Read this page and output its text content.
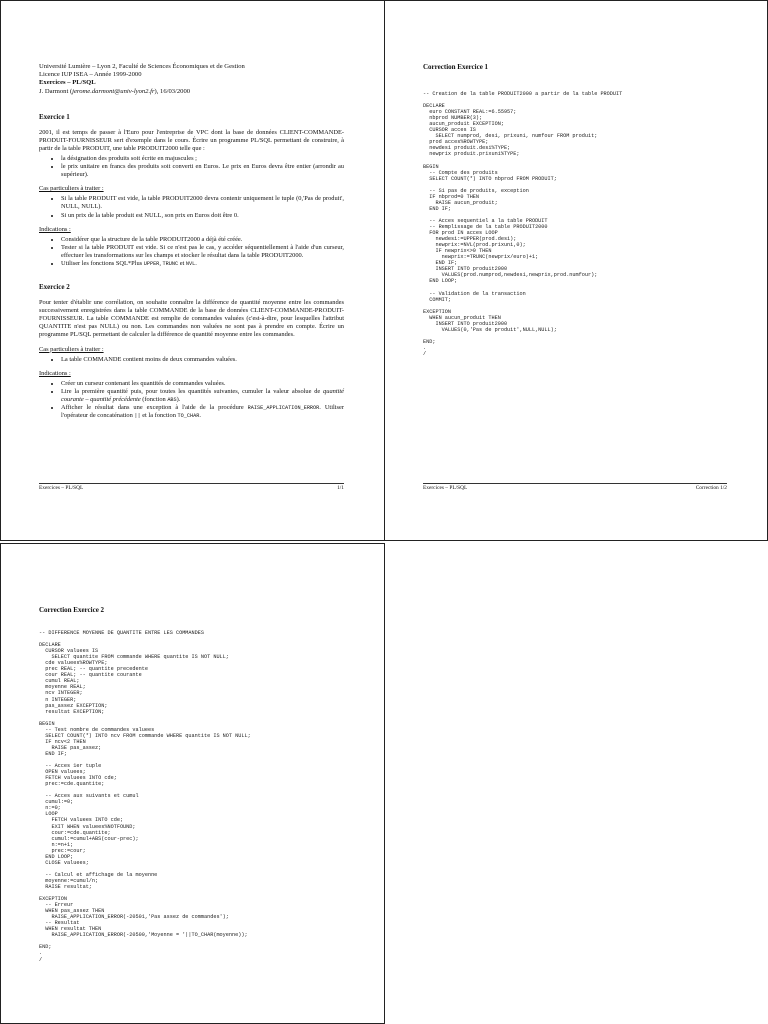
Université Lumière – Lyon 2, Faculté de Sciences Économiques et de Gestion
Licence IUP ISEA – Année 1999-2000
Exercices – PL/SQL
J. Darmont (jerome.darmont@univ-lyon2.fr), 16/03/2000
Exercice 1

2001, il est temps de passer à l'Euro pour l'entreprise de VPC dont la base de données CLIENT-COMMANDE-PRODUIT-FOURNISSEUR sert d'exemple dans le cours. Écrire un programme PL/SQL permettant de construire, à partir de la table PRODUIT, une table PRODUIT2000 telle que :

• la désignation des produits soit écrite en majuscules ;
• le prix unitaire en francs des produits soit converti en Euros. Le prix en Euros devra être entier (arrondir au supérieur).
Cas particuliers à traiter :
• Si la table PRODUIT est vide, la table PRODUIT2000 devra contenir uniquement le tuple (0,'Pas de produit', NULL, NULL).
• Si un prix de la table produit est NULL, son prix en Euros doit être 0.
Indications :
• Considérer que la structure de la table PRODUIT2000 a déjà été créée.
• Tester si la table PRODUIT est vide. Si ce n'est pas le cas, y accéder séquentiellement à l'aide d'un curseur, effectuer les transformations sur les champs et stocker le résultat dans la table PRODUIT2000.
• Utiliser les fonctions SQL*Plus UPPER, TRUNC et NVL.
Exercice 2

Pour tenter d'établir une corrélation, on souhaite connaître la différence de quantité moyenne entre les commandes successivement enregistrées dans la table COMMANDE de la base de données CLIENT-COMMANDE-PRODUIT-FOURNISSEUR. La table COMMANDE est remplie de commandes valuées (c'est-à-dire, pour lesquelles l'attribut QUANTITE n'est pas NULL) ou non. Les commandes non valuées ne sont pas à prendre en compte. Écrire un programme PL/SQL permettant de calculer la différence de quantité moyenne entre les commandes.

Cas particuliers à traiter :
• La table COMMANDE contient moins de deux commandes valuées.
Indications :
• Créer un curseur contenant les quantités de commandes valuées.
• Lire la première quantité puis, pour toutes les quantités suivantes, cumuler la valeur absolue de quantité courante – quantité précédente (fonction ABS).
• Afficher le résultat dans une exception à l'aide de la procédure RAISE_APPLICATION_ERROR. Utiliser l'opérateur de concaténation || et la fonction TO_CHAR.
Exercices – PL/SQL	1/1
Correction Exercice 1
-- Creation de la table PRODUIT2000 a partir de la table PRODUIT

DECLARE
euro CONSTANT REAL:=6.55957;
nbprod NUMBER(3);
aucun_produit EXCEPTION;
CURSOR acces IS
SELECT numprod, desi, prixuni, numfour FROM produit;
prod acces%ROWTYPE;
newdesi produit.desi%TYPE;
newprix produit.prixuni%TYPE;

BEGIN
-- Compte des produits
SELECT COUNT(*) INTO nbprod FROM PRODUIT;

-- Si pas de produits, exception
IF nbprod=0 THEN
RAISE aucun_produit;
END IF;

-- Acces sequentiel a la table PRODUIT
-- Remplissage de la table PRODUIT2000
FOR prod IN acces LOOP
newdesi:=UPPER(prod.desi);
newprix:=NVL(prod.prixuni,0);
IF newprix<>0 THEN
newprix:=TRUNC(newprix/euro)+1;
END IF;
INSERT INTO produit2000
VALUES(prod.numprod,newdesi,newprix,prod.numfour);
END LOOP;

-- Validation de la transaction
COMMIT;

EXCEPTION
WHEN aucun_produit THEN
INSERT INTO produit2000
VALUES(0,'Pas de produit',NULL,NULL);

END;
.
/
Exercices – PL/SQL	Correction 1/2
Correction Exercice 2
-- DIFFERENCE MOYENNE DE QUANTITE ENTRE LES COMMANDES

DECLARE
CURSOR valuees IS
SELECT quantite FROM commande WHERE quantite IS NOT NULL;
cde valuees%ROWTYPE;
prec REAL; -- quantite precedente
cour REAL; -- quantite courante
cumul REAL;
moyenne REAL;
ncv INTEGER;
n INTEGER;
pas_assez EXCEPTION;
resultat EXCEPTION;

BEGIN
-- Test nombre de commandes valuees
SELECT COUNT(*) INTO ncv FROM commande WHERE quantite IS NOT NULL;
IF ncv<2 THEN
RAISE pas_assez;
END IF;

-- Acces 1er tuple
OPEN valuees;
FETCH valuees INTO cde;
prec:=cde.quantite;

-- Acces aux suivants et cumul
cumul:=0;
n:=0;
LOOP
FETCH valuees INTO cde;
EXIT WHEN valuees%NOTFOUND;
cour:=cde.quantite;
cumul:=cumul+ABS(cour-prec);
n:=n+1;
prec:=cour;
END LOOP;
CLOSE valuees;

-- Calcul et affichage de la moyenne
moyenne:=cumul/n;
RAISE resultat;

EXCEPTION
-- Erreur
WHEN pas_assez THEN
RAISE_APPLICATION_ERROR(-20501,'Pas assez de commandes');
-- Resultat
WHEN resultat THEN
RAISE_APPLICATION_ERROR(-20500,'Moyenne = '||TO_CHAR(moyenne));

END;
.
/
